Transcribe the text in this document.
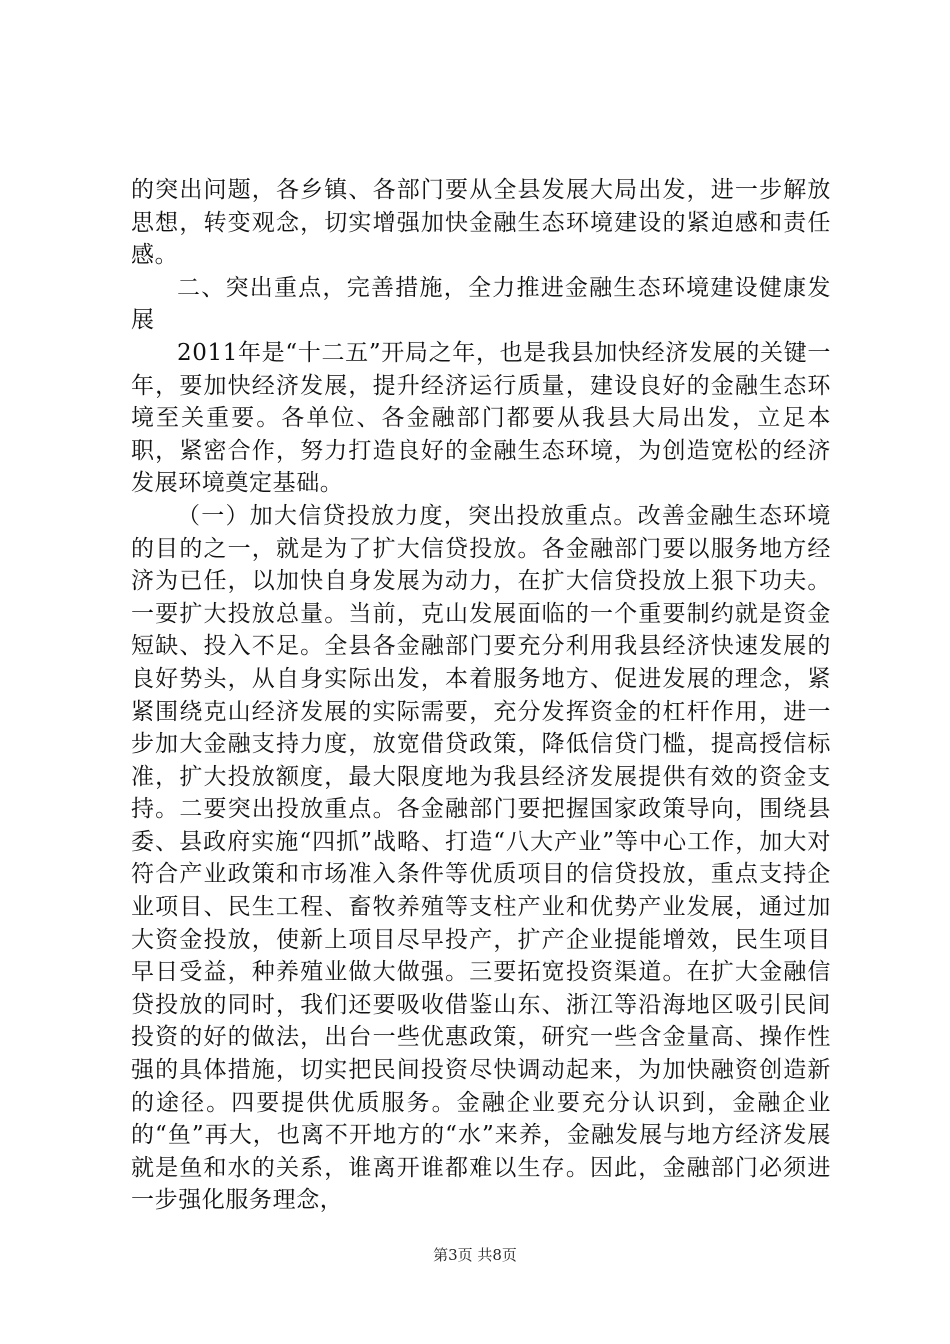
的突出问题，各乡镇、各部门要从全县发展大局出发，进一步解放思想，转变观念，切实增强加快金融生态环境建设的紧迫感和责任感。

二、突出重点，完善措施，全力推进金融生态环境建设健康发展

2011年是“十二五”开局之年，也是我县加快经济发展的关键一年，要加快经济发展，提升经济运行质量，建设良好的金融生态环境至关重要。各单位、各金融部门都要从我县大局出发，立足本职，紧密合作，努力打造良好的金融生态环境，为创造宽松的经济发展环境奠定基础。

（一）加大信贷投放力度，突出投放重点。改善金融生态环境的目的之一，就是为了扩大信贷投放。各金融部门要以服务地方经济为已任，以加快自身发展为动力，在扩大信贷投放上狠下功夫。一要扩大投放总量。当前，克山发展面临的一个重要制约就是资金短缺、投入不足。全县各金融部门要充分利用我县经济快速发展的良好势头，从自身实际出发，本着服务地方、促进发展的理念，紧紧围绕克山经济发展的实际需要，充分发挥资金的杠杆作用，进一步加大金融支持力度，放宽借贷政策，降低信贷门槛，提高授信标准，扩大投放额度，最大限度地为我县经济发展提供有效的资金支持。二要突出投放重点。各金融部门要把握国家政策导向，围绕县委、县政府实施“四抓”战略、打造“八大产业”等中心工作，加大对符合产业政策和市场准入条件等优质项目的信贷投放，重点支持企业项目、民生工程、畜牧养殖等支柱产业和优势产业发展，通过加大资金投放，使新上项目尽早投产，扩产企业提能增效，民生项目早日受益，种养殖业做大做强。三要拓宽投资渠道。在扩大金融信贷投放的同时，我们还要吸收借鉴山东、浙江等沿海地区吸引民间投资的好的做法，出台一些优惠政策，研究一些含金量高、操作性强的具体措施，切实把民间投资尽快调动起来，为加快融资创造新的途径。四要提供优质服务。金融企业要充分认识到，金融企业的“鱼”再大，也离不开地方的“水”来养，金融发展与地方经济发展就是鱼和水的关系，谁离开谁都难以生存。因此，金融部门必须进一步强化服务理念，

第3页 共8页
